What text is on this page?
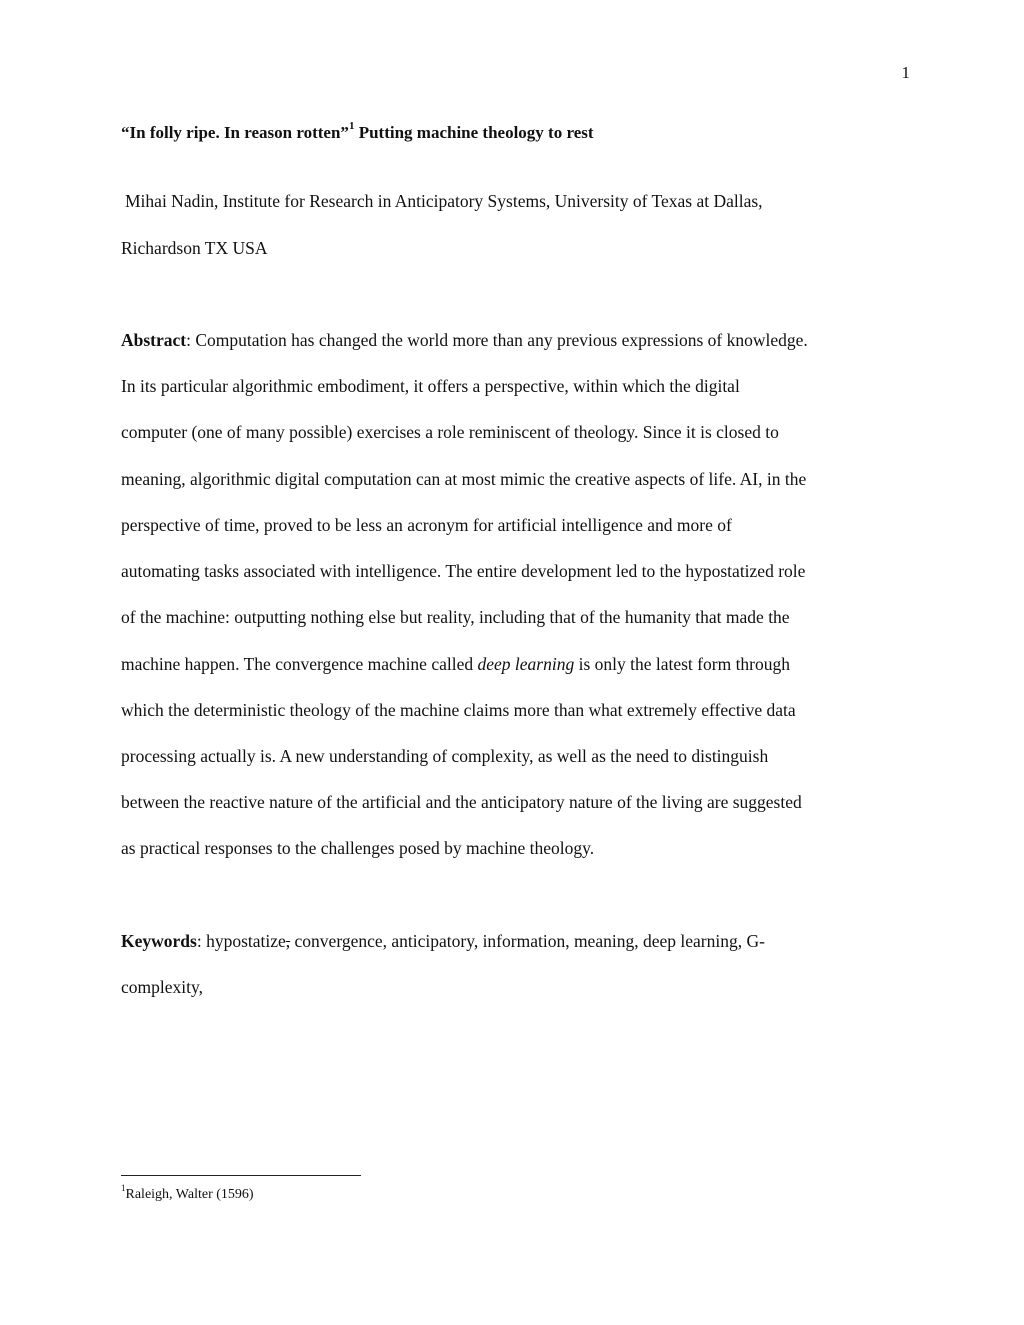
1
“In folly ripe. In reason rotten”$^1$ Putting machine theology to rest
Mihai Nadin, Institute for Research in Anticipatory Systems, University of Texas at Dallas,
Richardson TX USA
Abstract: Computation has changed the world more than any previous expressions of knowledge.
In its particular algorithmic embodiment, it offers a perspective, within which the digital
computer (one of many possible) exercises a role reminiscent of theology. Since it is closed to
meaning, algorithmic digital computation can at most mimic the creative aspects of life. AI, in the
perspective of time, proved to be less an acronym for artificial intelligence and more of
automating tasks associated with intelligence. The entire development led to the hypostatized role
of the machine: outputting nothing else but reality, including that of the humanity that made the
machine happen. The convergence machine called deep learning is only the latest form through
which the deterministic theology of the machine claims more than what extremely effective data
processing actually is. A new understanding of complexity, as well as the need to distinguish
between the reactive nature of the artificial and the anticipatory nature of the living are suggested
as practical responses to the challenges posed by machine theology.
Keywords: hypostatize, convergence, anticipatory, information, meaning, deep learning, G-
complexity,
$^1$Raleigh, Walter (1596)
